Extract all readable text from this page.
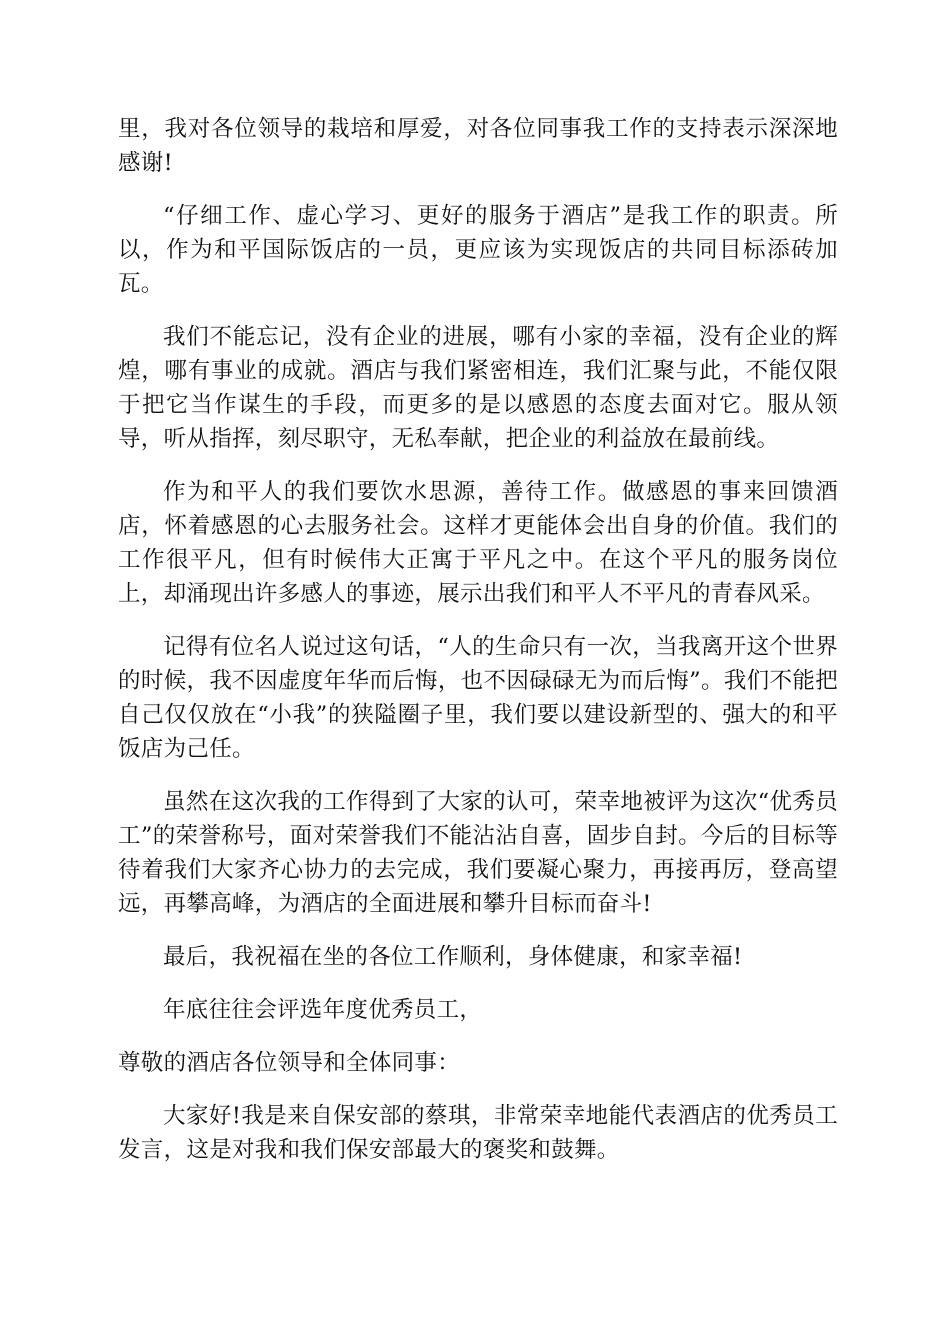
里，我对各位领导的栽培和厚爱，对各位同事我工作的支持表示深深地感谢!

“仔细工作、虚心学习、更好的服务于酒店”是我工作的职责。所以，作为和平国际饭店的一员，更应该为实现饭店的共同目标添砖加瓦。

我们不能忘记，没有企业的进展，哪有小家的幸福，没有企业的辉煌，哪有事业的成就。酒店与我们紧密相连，我们汇聚与此，不能仅限于把它当作谋生的手段，而更多的是以感恩的态度去面对它。服从领导，听从指挥，刻尽职守，无私奉献，把企业的利益放在最前线。

作为和平人的我们要饮水思源，善待工作。做感恩的事来回馈酒店，怀着感恩的心去服务社会。这样才更能体会出自身的价值。我们的工作很平凡，但有时候伟大正寓于平凡之中。在这个平凡的服务岗位上，却涌现出许多感人的事迹，展示出我们和平人不平凡的青春风采。

记得有位名人说过这句话，“人的生命只有一次，当我离开这个世界的时候，我不因虚度年华而后悔，也不因碌碌无为而后悔”。我们不能把自己仅仅放在“小我”的狭隘圈子里，我们要以建设新型的、强大的和平饭店为己任。

虽然在这次我的工作得到了大家的认可，荣幸地被评为这次“优秀员工”的荣誉称号，面对荣誉我们不能沾沾自喜，固步自封。今后的目标等待着我们大家齐心协力的去完成，我们要凝心聚力，再接再厉，登高望远，再攀高峰，为酒店的全面进展和攀升目标而奋斗!

最后，我祝福在坐的各位工作顺利，身体健康，和家幸福!

年底往往会评选年度优秀员工，

尊敬的酒店各位领导和全体同事：

大家好!我是来自保安部的蔡琪，非常荣幸地能代表酒店的优秀员工发言，这是对我和我们保安部最大的褒奖和鼓舞。
